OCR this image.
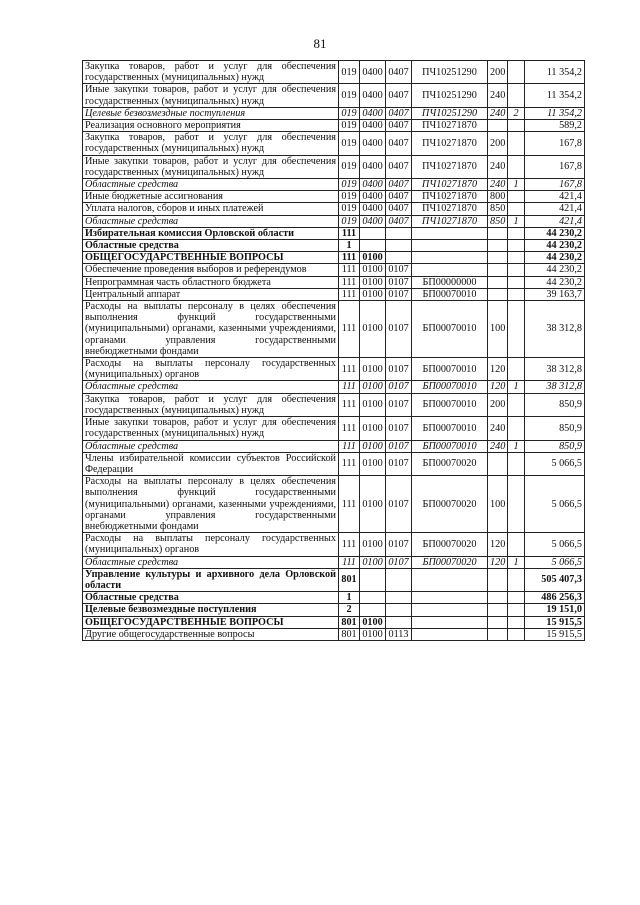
81
Закупка товаров, работ и услуг для обеспечения государственных (муниципальных) нужд	019	0400	0407	ПЧ10251290	200		11 354,2
Иные закупки товаров, работ и услуг для обеспечения государственных (муниципальных) нужд	019	0400	0407	ПЧ10251290	240		11 354,2
Целевые безвозмездные поступления	019	0400	0407	ПЧ10251290	240	2	11 354,2
Реализация основного мероприятия	019	0400	0407	ПЧ10271870			589,2
Закупка товаров, работ и услуг для обеспечения государственных (муниципальных) нужд	019	0400	0407	ПЧ10271870	200		167,8
Иные закупки товаров, работ и услуг для обеспечения государственных (муниципальных) нужд	019	0400	0407	ПЧ10271870	240		167,8
Областные средства	019	0400	0407	ПЧ10271870	240	1	167,8
Иные бюджетные ассигнования	019	0400	0407	ПЧ10271870	800		421,4
Уплата налогов, сборов и иных платежей	019	0400	0407	ПЧ10271870	850		421,4
Областные средства	019	0400	0407	ПЧ10271870	850	1	421,4
Избирательная комиссия Орловской области	111						44 230,2
Областные средства	1						44 230,2
ОБЩЕГОСУДАРСТВЕННЫЕ ВОПРОСЫ	111	0100					44 230,2
Обеспечение проведения выборов и референдумов	111	0100	0107				44 230,2
Непрограммная часть областного бюджета	111	0100	0107	БП00000000			44 230,2
Центральный аппарат	111	0100	0107	БП00070010			39 163,7
Расходы на выплаты персоналу в целях обеспечения выполнения функций государственными (муниципальными) органами, казенными учреждениями, органами управления государственными внебюджетными фондами	111	0100	0107	БП00070010	100		38 312,8
Расходы на выплаты персоналу государственных (муниципальных) органов	111	0100	0107	БП00070010	120		38 312,8
Областные средства	111	0100	0107	БП00070010	120	1	38 312,8
Закупка товаров, работ и услуг для обеспечения государственных (муниципальных) нужд	111	0100	0107	БП00070010	200		850,9
Иные закупки товаров, работ и услуг для обеспечения государственных (муниципальных) нужд	111	0100	0107	БП00070010	240		850,9
Областные средства	111	0100	0107	БП00070010	240	1	850,9
Члены избирательной комиссии субъектов Российской Федерации	111	0100	0107	БП00070020			5 066,5
Расходы на выплаты персоналу в целях обеспечения выполнения функций государственными (муниципальными) органами, казенными учреждениями, органами управления государственными внебюджетными фондами	111	0100	0107	БП00070020	100		5 066,5
Расходы на выплаты персоналу государственных (муниципальных) органов	111	0100	0107	БП00070020	120		5 066,5
Областные средства	111	0100	0107	БП00070020	120	1	5 066,5
Управление культуры и архивного дела Орловской области	801						505 407,3
Областные средства	1						486 256,3
Целевые безвозмездные поступления	2						19 151,0
ОБЩЕГОСУДАРСТВЕННЫЕ ВОПРОСЫ	801	0100					15 915,5
Другие общегосударственные вопросы	801	0100	0113				15 915,5
